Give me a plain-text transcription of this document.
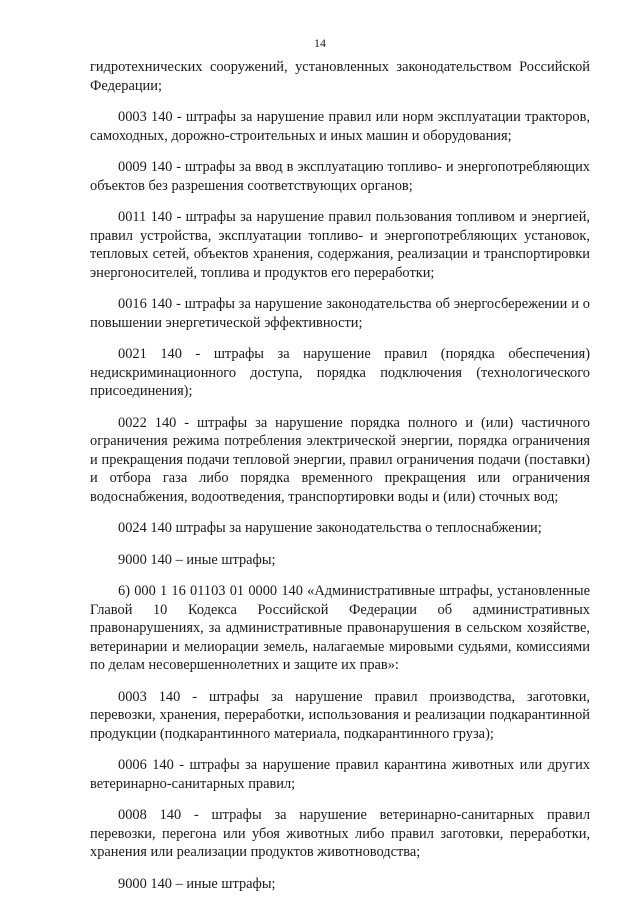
14

гидротехнических сооружений, установленных законодательством Российской Федерации;

0003 140 - штрафы за нарушение правил или норм эксплуатации тракторов, самоходных, дорожно-строительных и иных машин и оборудования;

0009 140 - штрафы за ввод в эксплуатацию топливо- и энергопотребляющих объектов без разрешения соответствующих органов;

0011 140 - штрафы за нарушение правил пользования топливом и энергией, правил устройства, эксплуатации топливо- и энергопотребляющих установок, тепловых сетей, объектов хранения, содержания, реализации и транспортировки энергоносителей, топлива и продуктов его переработки;

0016 140 - штрафы за нарушение законодательства об энергосбережении и о повышении энергетической эффективности;

0021 140 - штрафы за нарушение правил (порядка обеспечения) недискриминационного доступа, порядка подключения (технологического присоединения);

0022 140 - штрафы за нарушение порядка полного и (или) частичного ограничения режима потребления электрической энергии, порядка ограничения и прекращения подачи тепловой энергии, правил ограничения подачи (поставки) и отбора газа либо порядка временного прекращения или ограничения водоснабжения, водоотведения, транспортировки воды и (или) сточных вод;

0024 140 штрафы за нарушение законодательства о теплоснабжении;

9000 140 – иные штрафы;

6) 000 1 16 01103 01 0000 140 «Административные штрафы, установленные Главой 10 Кодекса Российской Федерации об административных правонарушениях, за административные правонарушения в сельском хозяйстве, ветеринарии и мелиорации земель, налагаемые мировыми судьями, комиссиями по делам несовершеннолетних и защите их прав»:

0003 140 - штрафы за нарушение правил производства, заготовки, перевозки, хранения, переработки, использования и реализации подкарантинной продукции (подкарантинного материала, подкарантинного груза);

0006 140 - штрафы за нарушение правил карантина животных или других ветеринарно-санитарных правил;

0008 140 - штрафы за нарушение ветеринарно-санитарных правил перевозки, перегона или убоя животных либо правил заготовки, переработки, хранения или реализации продуктов животноводства;

9000 140 – иные штрафы;
